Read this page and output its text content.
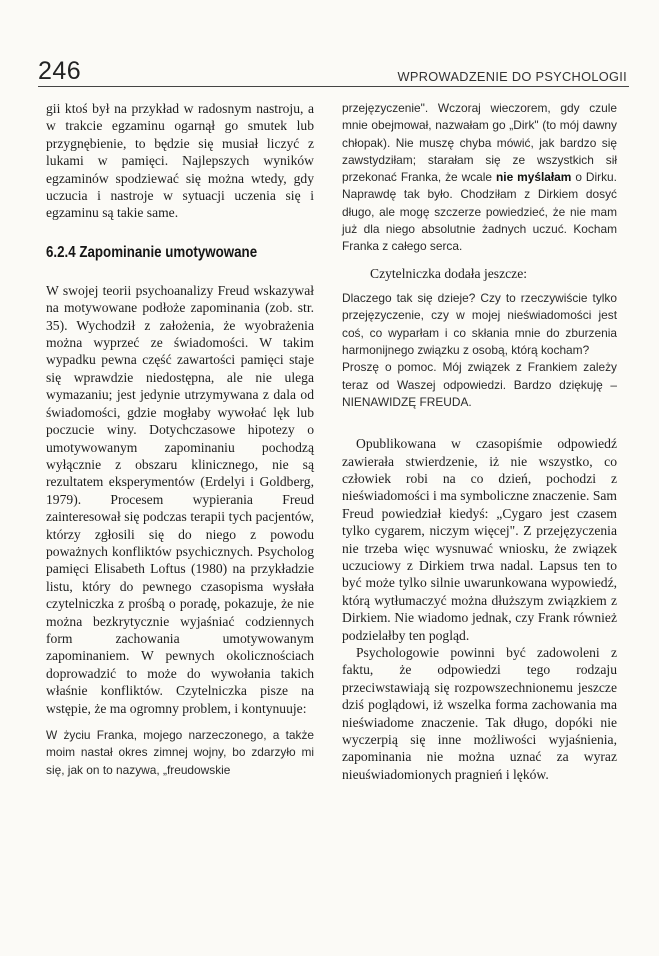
246	WPROWADZENIE DO PSYCHOLOGII

gii ktoś był na przykład w radosnym nastroju, a w trakcie egzaminu ogarnął go smutek lub przygnębienie, to będzie się musiał liczyć z lukami w pamięci. Najlepszych wyników egzaminów spodziewać się można wtedy, gdy uczucia i nastroje w sytuacji uczenia się i egzaminu są takie same.

6.2.4 Zapominanie umotywowane

W swojej teorii psychoanalizy Freud wskazywał na motywowane podłoże zapominania (zob. str. 35). Wychodził z założenia, że wyobrażenia można wyprzeć ze świadomości. W takim wypadku pewna część zawartości pamięci staje się wprawdzie niedostępna, ale nie ulega wymazaniu; jest jedynie utrzymywana z dala od świadomości, gdzie mogłaby wywołać lęk lub poczucie winy. Dotychczasowe hipotezy o umotywowanym zapominaniu pochodzą wyłącznie z obszaru klinicznego, nie są rezultatem eksperymentów (Erdelyi i Goldberg, 1979). Procesem wypierania Freud zainteresował się podczas terapii tych pacjentów, którzy zgłosili się do niego z powodu poważnych konfliktów psychicznych. Psycholog pamięci Elisabeth Loftus (1980) na przykładzie listu, który do pewnego czasopisma wysłała czytelniczka z prośbą o poradę, pokazuje, że nie można bezkrytycznie wyjaśniać codziennych form zachowania umotywowanym zapominaniem. W pewnych okolicznościach doprowadzić to może do wywołania takich właśnie konfliktów. Czytelniczka pisze na wstępie, że ma ogromny problem, i kontynuuje:

W życiu Franka, mojego narzeczonego, a także moim nastał okres zimnej wojny, bo zdarzyło mi się, jak on to nazywa, „freudowskie

przejęzyczenie". Wczoraj wieczorem, gdy czule mnie obejmował, nazwałam go „Dirk" (to mój dawny chłopak). Nie muszę chyba mówić, jak bardzo się zawstydziłam; starałam się ze wszystkich sił przekonać Franka, że wcale nie myślałam o Dirku. Naprawdę tak było. Chodziłam z Dirkiem dosyć długo, ale mogę szczerze powiedzieć, że nie mam już dla niego absolutnie żadnych uczuć. Kocham Franka z całego serca.

Czytelniczka dodała jeszcze:

Dlaczego tak się dzieje? Czy to rzeczywiście tylko przejęzyczenie, czy w mojej nieświadomości jest coś, co wyparłam i co skłania mnie do zburzenia harmonijnego związku z osobą, którą kocham?

Proszę o pomoc. Mój związek z Frankiem zależy teraz od Waszej odpowiedzi. Bardzo dziękuję – NIENAWIDZĘ FREUDA.

Opublikowana w czasopiśmie odpowiedź zawierała stwierdzenie, iż nie wszystko, co człowiek robi na co dzień, pochodzi z nieświadomości i ma symboliczne znaczenie. Sam Freud powiedział kiedyś: „Cygaro jest czasem tylko cygarem, niczym więcej". Z przejęzyczenia nie trzeba więc wysnuwać wniosku, że związek uczuciowy z Dirkiem trwa nadal. Lapsus ten to być może tylko silnie uwarunkowana wypowiedź, którą wytłumaczyć można dłuższym związkiem z Dirkiem. Nie wiadomo jednak, czy Frank również podzielałby ten pogląd.

Psychologowie powinni być zadowoleni z faktu, że odpowiedzi tego rodzaju przeciwstawiają się rozpowszechnionemu jeszcze dziś poglądowi, iż wszelka forma zachowania ma nieświadome znaczenie. Tak długo, dopóki nie wyczerpią się inne możliwości wyjaśnienia, zapominania nie można uznać za wyraz nieuświadomionych pragnień i lęków.
